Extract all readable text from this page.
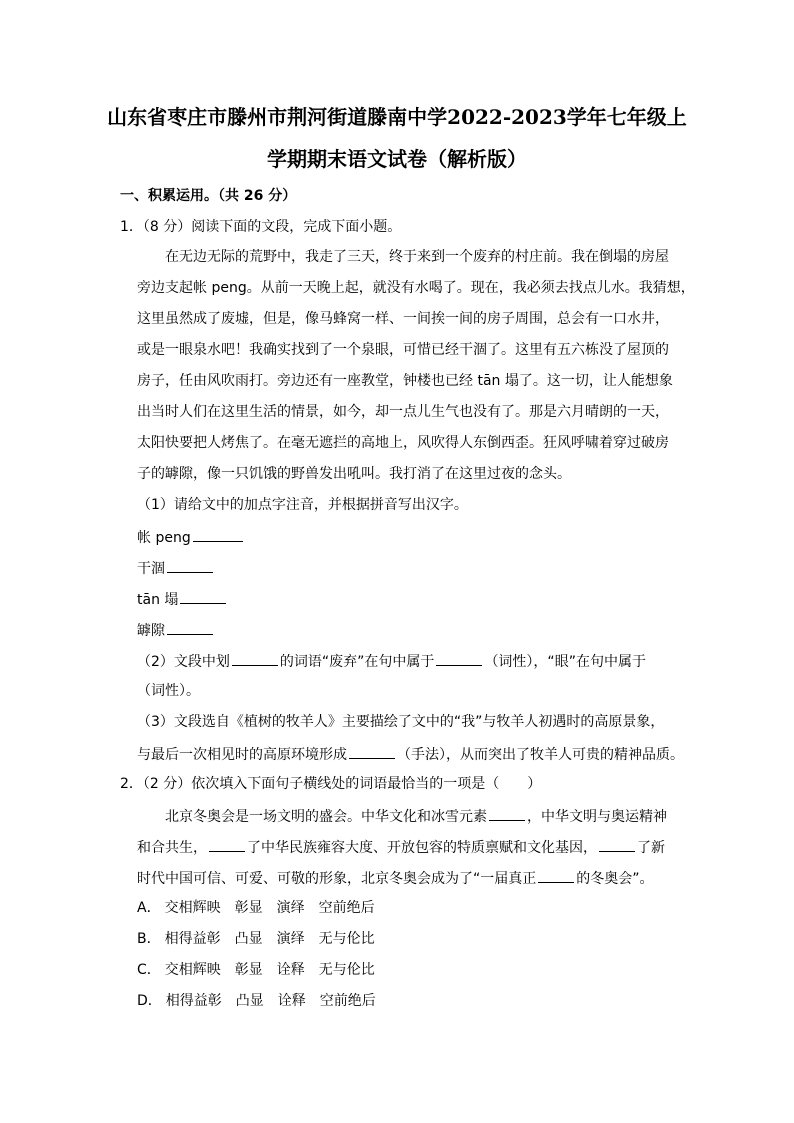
山东省枣庄市滕州市荆河街道滕南中学2022-2023学年七年级上
学期期末语文试卷（解析版）
一、积累运用。（共 26 分）
1．（8 分）阅读下面的文段，完成下面小题。
在无边无际的荒野中，我走了三天，终于来到一个废弃的村庄前。我在倒塌的房屋
旁边支起帐 peng。从前一天晚上起，就没有水喝了。现在，我必须去找点儿水。我猜想，
这里虽然成了废墟，但是，像马蜂窝一样、一间挨一间的房子周围，总会有一口水井，
或是一眼泉水吧！我确实找到了一个泉眼，可惜已经干涸了。这里有五六栋没了屋顶的
房子，任由风吹雨打。旁边还有一座教堂，钟楼也已经 tān 塌了。这一切，让人能想象
出当时人们在这里生活的情景，如今，却一点儿生气也没有了。那是六月晴朗的一天，
太阳快要把人烤焦了。在毫无遮拦的高地上，风吹得人东倒西歪。狂风呼啸着穿过破房
子的罅隙，像一只饥饿的野兽发出吼叫。我打消了在这里过夜的念头。
（1）请给文中的加点字注音，并根据拼音写出汉字。
帐 peng
干涸
tān 塌
罅隙
（2）文段中划	的词语“废弃”在句中属于	（词性），“眼”在句中属于
（词性）。
（3）文段选自《植树的牧羊人》主要描绘了文中的“我”与牧羊人初遇时的高原景象，
与最后一次相见时的高原环境形成	（手法），从而突出了牧羊人可贵的精神品质。
2．（2 分）依次填入下面句子横线处的词语最恰当的一项是（　　）
北京冬奥会是一场文明的盛会。中华文化和冰雪元素	，中华文明与奥运精神
和合共生，	了中华民族雍容大度、开放包容的特质禀赋和文化基因，	了新
时代中国可信、可爱、可敬的形象，北京冬奥会成为了“一届真正	的冬奥会”。
A． 交相辉映 彰显 演绎 空前绝后
B． 相得益彰 凸显 演绎 无与伦比
C． 交相辉映 彰显 诠释 无与伦比
D． 相得益彰 凸显 诠释 空前绝后
